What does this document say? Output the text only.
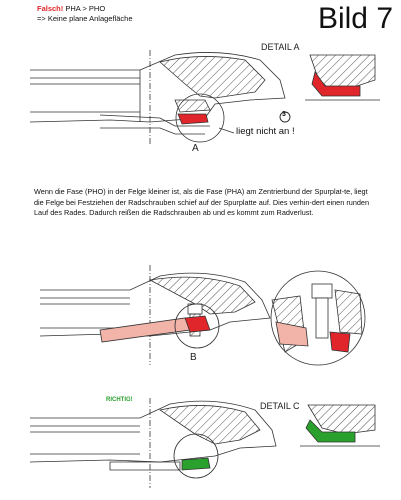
Falsch! PHA > PHO
=> Keine plane Anlagefläche	Bild 7
DETAIL A
A
3
liegt nicht an !
Wenn die Fase (PHO) in der Felge kleiner ist, als die Fase (PHA) am Zentrierbund der Spurplat-te, liegt die Felge bei Festziehen der Radschrauben schief auf der Spurplatte auf. Dies verhin-dert einen runden Lauf des Rades. Dadurch reißen die Radschrauben ab und es kommt zum Radverlust.
B
RICHTIG!
DETAIL C
